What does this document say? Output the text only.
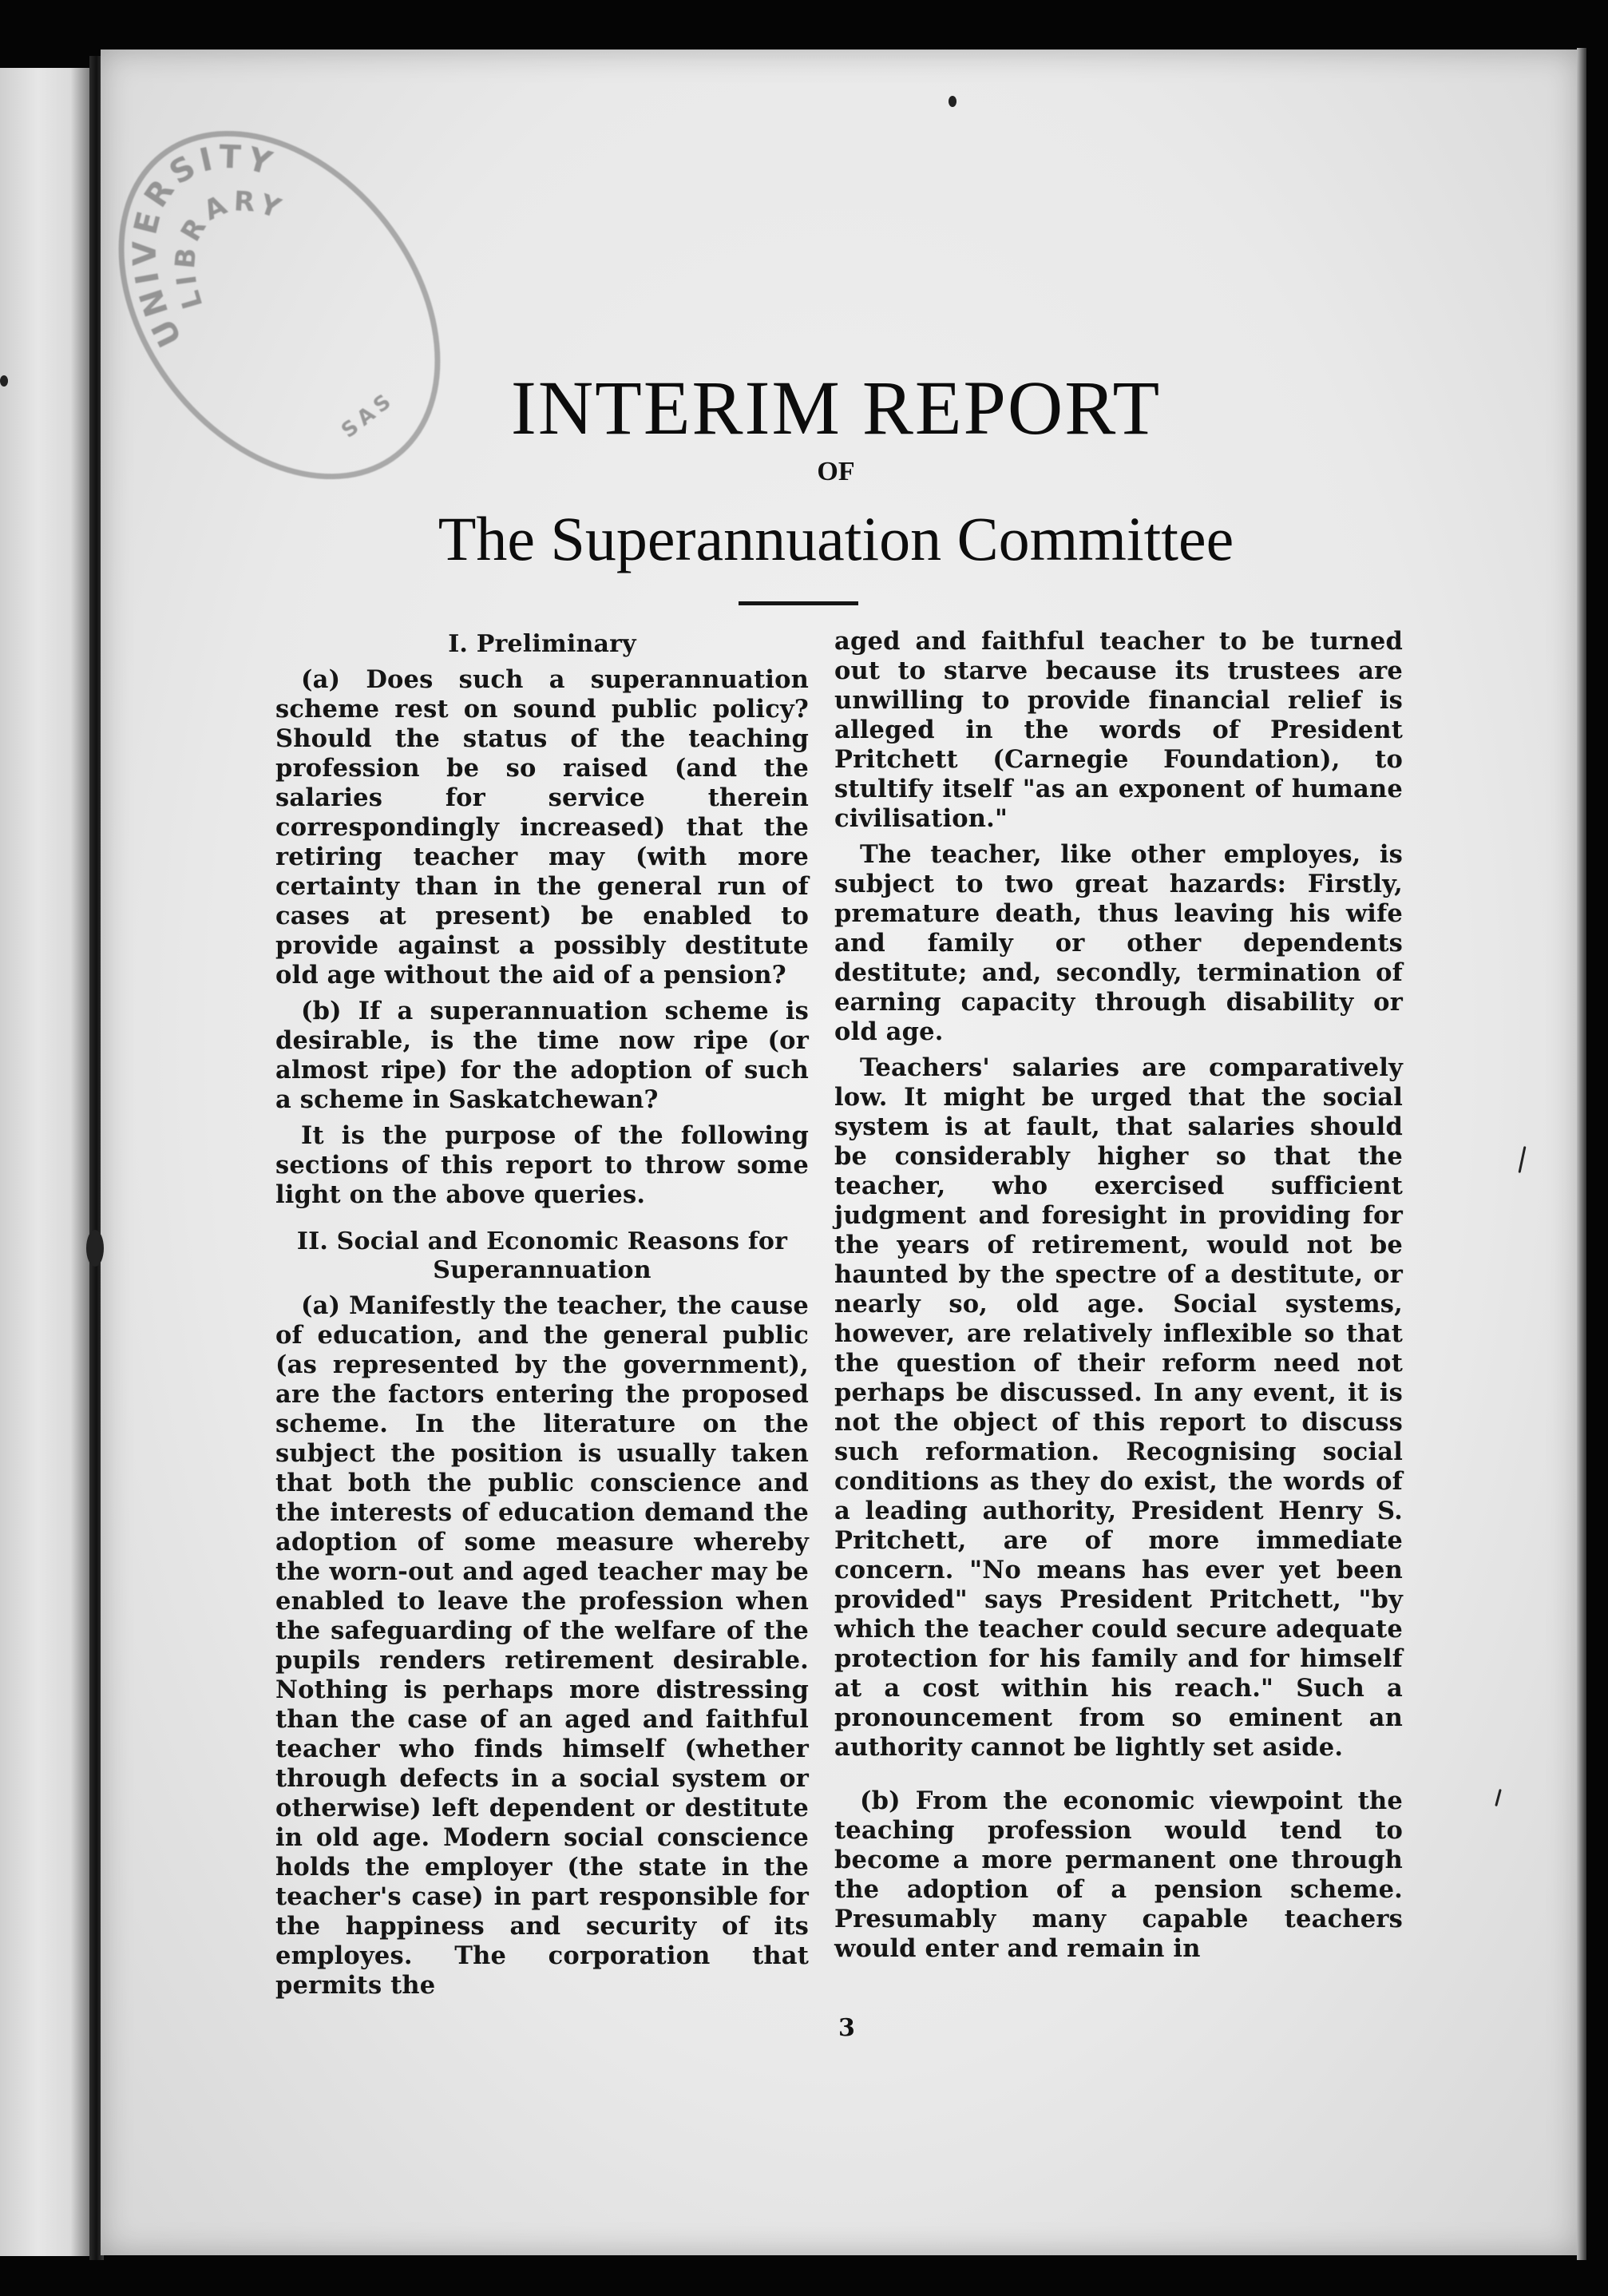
UNIVERSITY
LIBRARY
SAS	INTERIM REPORT
OF
The Superannuation Committee
I. Preliminary

(a) Does such a superannuation scheme rest on sound public policy? Should the status of the teaching profession be so raised (and the salaries for service therein correspondingly increased) that the retiring teacher may (with more certainty than in the general run of cases at present) be enabled to provide against a possibly destitute old age without the aid of a pension?

(b) If a superannuation scheme is desirable, is the time now ripe (or almost ripe) for the adoption of such a scheme in Saskatchewan?

It is the purpose of the following sections of this report to throw some light on the above queries.

II. Social and Economic Reasons for
Superannuation

(a) Manifestly the teacher, the cause of education, and the general public (as represented by the government), are the factors entering the proposed scheme. In the literature on the subject the position is usually taken that both the public conscience and the interests of education demand the adoption of some measure whereby the worn-out and aged teacher may be enabled to leave the profession when the safeguarding of the welfare of the pupils renders retirement desirable. Nothing is perhaps more distressing than the case of an aged and faithful teacher who finds himself (whether through defects in a social system or otherwise) left dependent or destitute in old age. Modern social conscience holds the employer (the state in the teacher's case) in part responsible for the happiness and security of its employes. The corporation that permits the

aged and faithful teacher to be turned out to starve because its trustees are unwilling to provide financial relief is alleged in the words of President Pritchett (Carnegie Foundation), to stultify itself "as an exponent of humane civilisation."

The teacher, like other employes, is subject to two great hazards: Firstly, premature death, thus leaving his wife and family or other dependents destitute; and, secondly, termination of earning capacity through disability or old age.

Teachers' salaries are comparatively low. It might be urged that the social system is at fault, that salaries should be considerably higher so that the teacher, who exercised sufficient judgment and foresight in providing for the years of retirement, would not be haunted by the spectre of a destitute, or nearly so, old age. Social systems, however, are relatively inflexible so that the question of their reform need not perhaps be discussed. In any event, it is not the object of this report to discuss such reformation. Recognising social conditions as they do exist, the words of a leading authority, President Henry S. Pritchett, are of more immediate concern. "No means has ever yet been provided" says President Pritchett, "by which the teacher could secure adequate protection for his family and for himself at a cost within his reach." Such a pronouncement from so eminent an authority cannot be lightly set aside.

(b) From the economic viewpoint the teaching profession would tend to become a more permanent one through the adoption of a pension scheme. Presumably many capable teachers would enter and remain in

3
